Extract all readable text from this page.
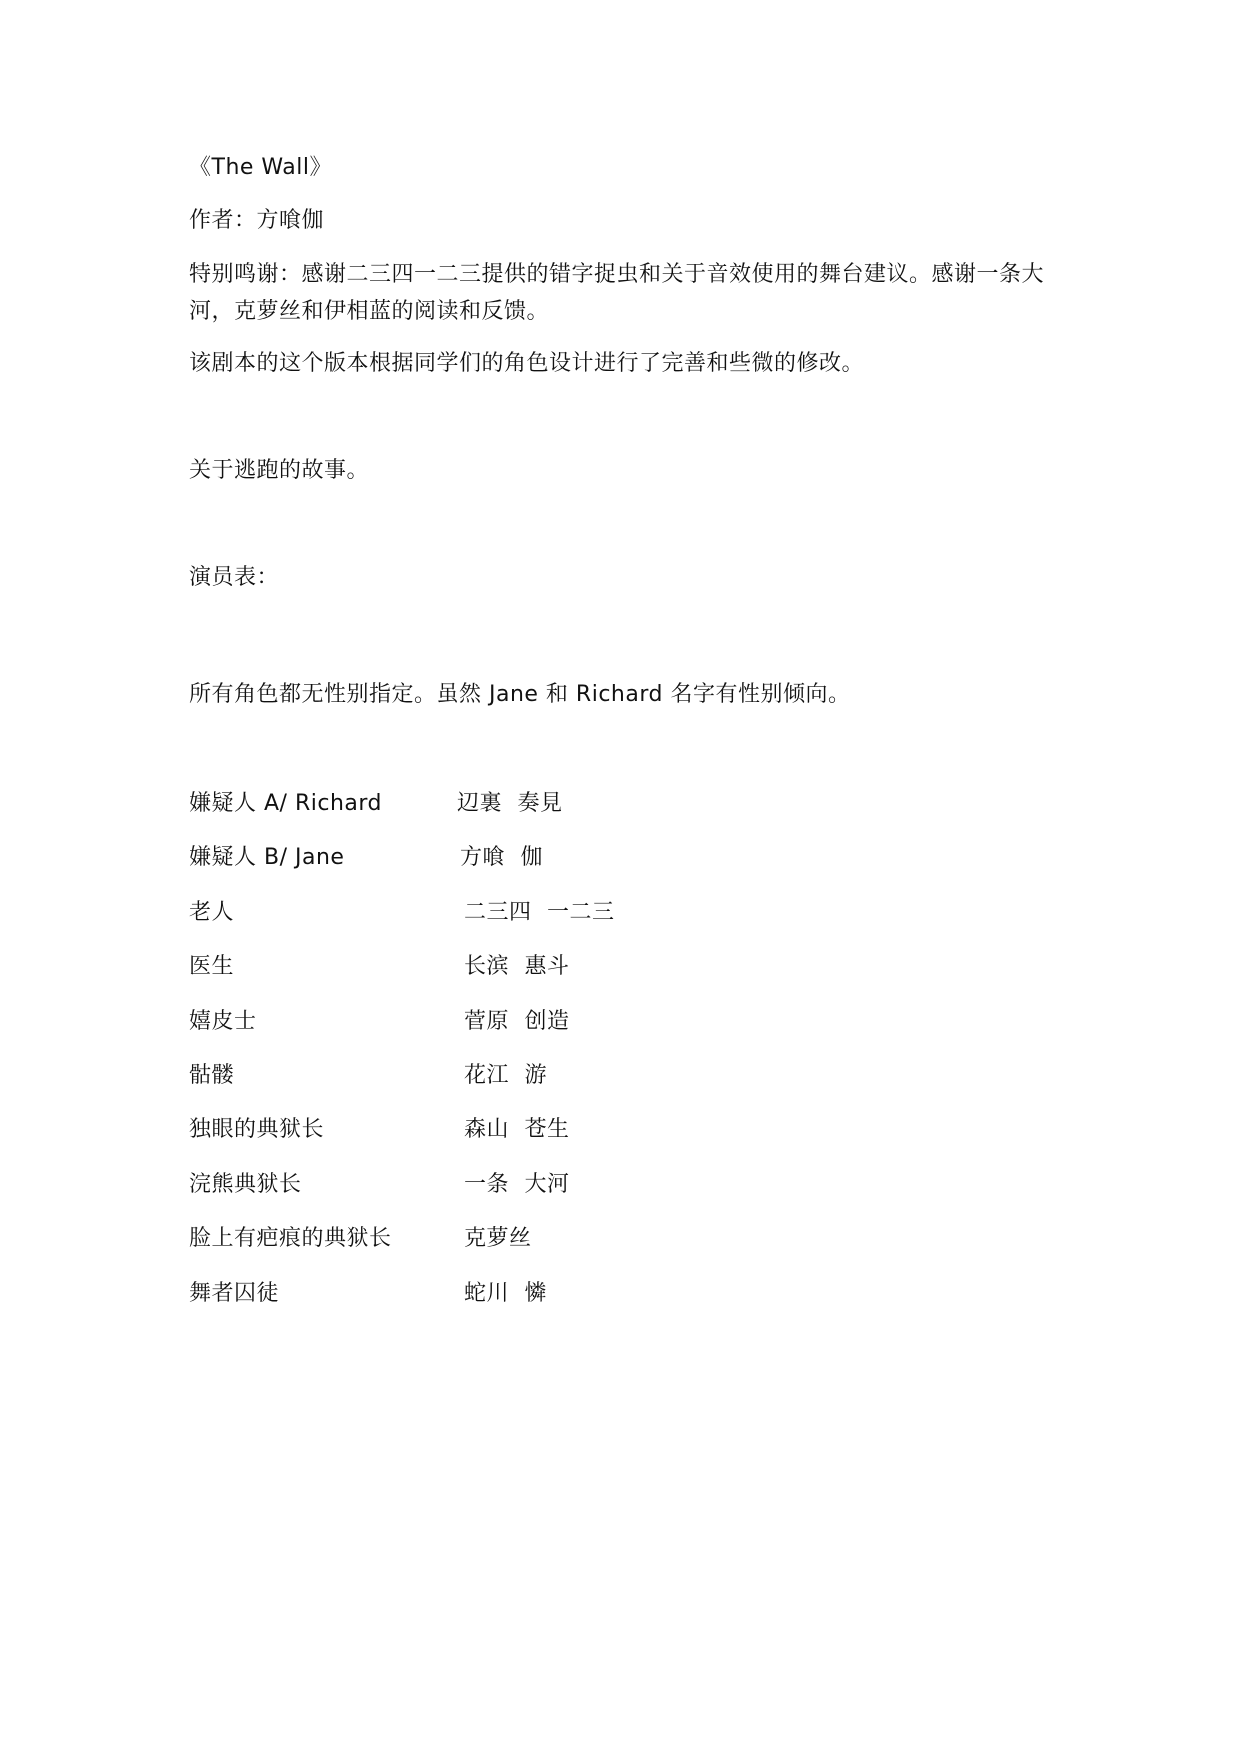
《The Wall》
作者：方喰伽
特别鸣谢：感谢二三四一二三提供的错字捉虫和关于音效使用的舞台建议。感谢一条大河，克萝丝和伊相蓝的阅读和反馈。
该剧本的这个版本根据同学们的角色设计进行了完善和些微的修改。
关于逃跑的故事。
演员表：
所有角色都无性别指定。虽然 Jane 和 Richard 名字有性别倾向。
嫌疑人 A/ Richard	辺裏 奏見
嫌疑人 B/ Jane	方喰 伽
老人	二三四 一二三
医生	长滨 惠斗
嬉皮士	菅原 创造
骷髅	花江 游
独眼的典狱长	森山 苍生
浣熊典狱长	一条 大河
脸上有疤痕的典狱长	克萝丝
舞者囚徒	蛇川 憐
